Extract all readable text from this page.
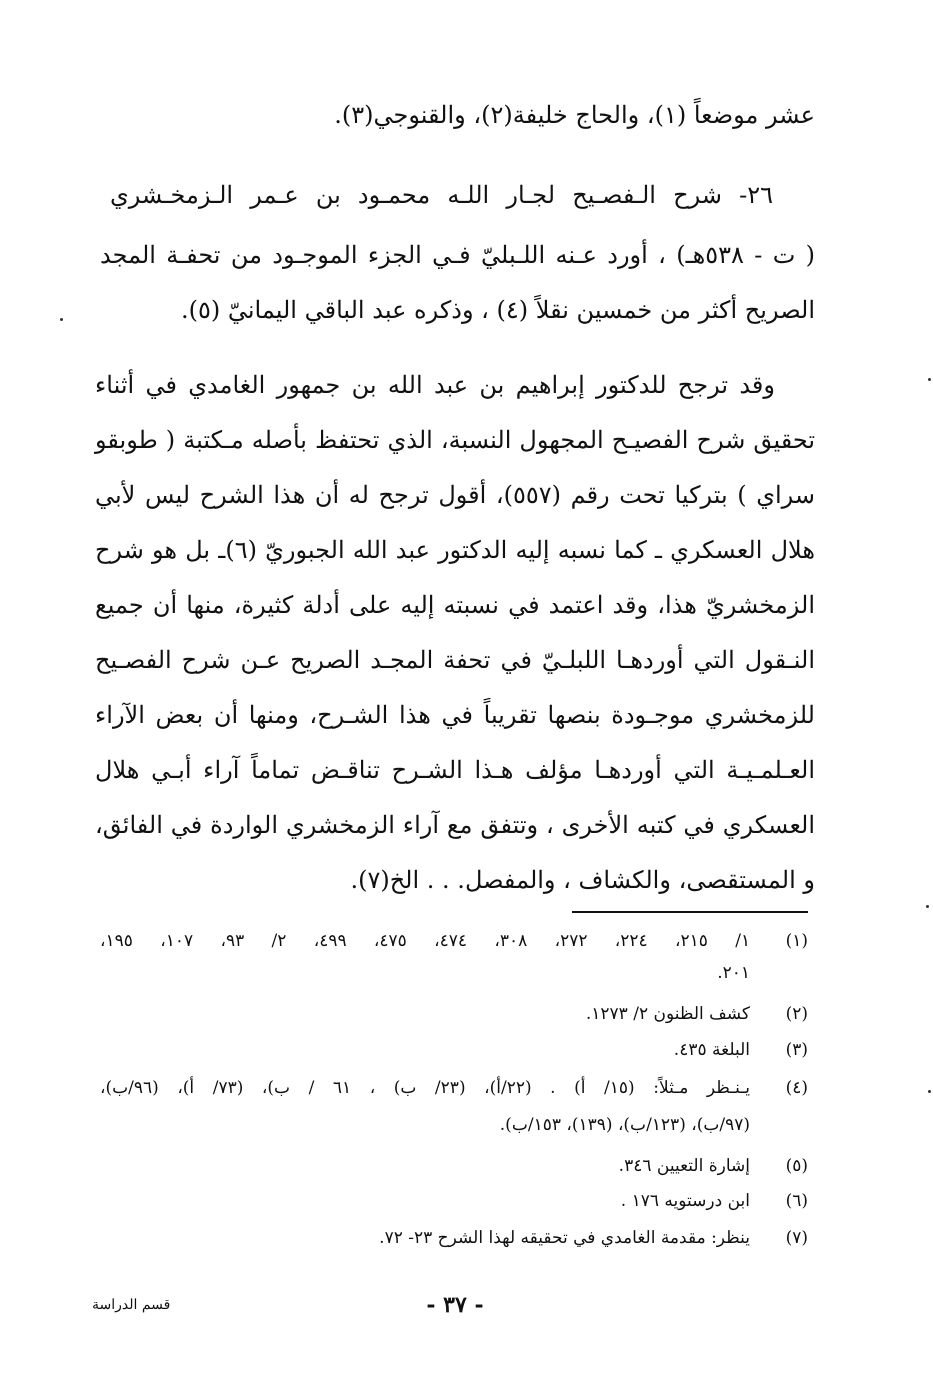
عشر موضعاً (١)، والحاج خليفة(٢)، والقنوجي(٣).
٢٦- شرح الـفصـيح لجـار اللـه محمـود بن عـمر الـزمخـشري
( ت - ٥٣٨هـ) ، أورد عـنه اللـبليّ فـي الجزء الموجـود من تحفـة المجد
الصريح أكثر من خمسين نقلاً (٤) ، وذكره عبد الباقي اليمانيّ (٥).
وقد ترجح للدكتور إبراهيم بن عبد الله بن جمهور الغامدي في أثناء
تحقيق شرح الفصيـح المجهول النسبة، الذي تحتفظ بأصله مـكتبة ( طوبقو
سراي ) بتركيا تحت رقم (٥٥٧)، أقول ترجح له أن هذا الشرح ليس لأبي
هلال العسكري ـ كما نسبه إليه الدكتور عبد الله الجبوريّ (٦)ـ بل هو شرح
الزمخشريّ هذا، وقد اعتمد في نسبته إليه على أدلة كثيرة، منها أن جميع
النـقول التي أوردهـا اللبلـيّ في تحفة المجـد الصريح عـن شرح الفصـيح
للزمخشري موجـودة بنصها تقريباً في هذا الشـرح، ومنها أن بعض الآراء
العـلمـيـة التي أوردهـا مؤلف هـذا الشـرح تناقـض تماماً آراء أبـي هلال
العسكري في كتبه الأخرى ، وتتفق مع آراء الزمخشري الواردة في الفائق،
و المستقصى، والكشاف ، والمفصل. . . الخ(٧).
(١)
١/ ٢١٥، ٢٢٤، ٢٧٢، ٣٠٨، ٤٧٤، ٤٧٥، ٤٩٩، ٢/ ٩٣، ١٠٧، ١٩٥،
٢٠١.
(٢)
كشف الظنون ٢/ ١٢٧٣.
(٣)
البلغة ٤٣٥.
(٤)
يـنـظر مـثلاً: (١٥/ أ) . (٢٢/أ)، (٢٣/ ب) ، ٦١ / ب)، (٧٣/ أ)، (٩٦/ب)،
(٩٧/ب)، (١٢٣/ب)، (١٣٩)، ١٥٣/ب).
(٥)
إشارة التعيين ٣٤٦.
(٦)
ابن درستويه ١٧٦ .
(٧)
ينظر: مقدمة الغامدي في تحقيقه لهذا الشرح ٢٣- ٧٢.
- ٣٧ -
قسم الدراسة
